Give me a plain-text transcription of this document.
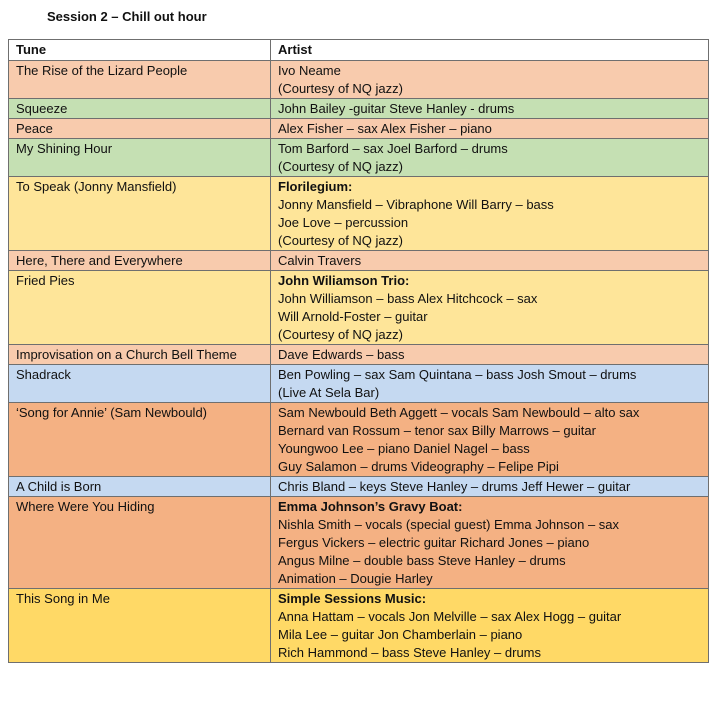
Session 2 – Chill out hour
Tune	Artist
The Rise of the Lizard People	Ivo Neame
(Courtesy of NQ jazz)

Squeeze	John Bailey -guitar Steve Hanley - drums

Peace	Alex Fisher – sax Alex Fisher – piano

My Shining Hour	Tom Barford – sax Joel Barford – drums
(Courtesy of NQ jazz)

To Speak (Jonny Mansfield)	Florilegium:
Jonny Mansfield – Vibraphone Will Barry – bass
Joe Love – percussion
(Courtesy of NQ jazz)

Here, There and Everywhere	Calvin Travers

Fried Pies	John Wiliamson Trio:
John Williamson – bass Alex Hitchcock – sax
Will Arnold-Foster – guitar
(Courtesy of NQ jazz)

Improvisation on a Church Bell Theme	Dave Edwards – bass

Shadrack	Ben Powling – sax Sam Quintana – bass Josh Smout – drums
(Live At Sela Bar)

‘Song for Annie’ (Sam Newbould)	Sam Newbould Beth Aggett – vocals Sam Newbould – alto sax
Bernard van Rossum – tenor sax Billy Marrows – guitar
Youngwoo Lee – piano Daniel Nagel – bass
Guy Salamon – drums Videography – Felipe Pipi

A Child is Born	Chris Bland – keys Steve Hanley – drums Jeff Hewer – guitar

Where Were You Hiding	Emma Johnson’s Gravy Boat:
Nishla Smith – vocals (special guest) Emma Johnson – sax
Fergus Vickers – electric guitar Richard Jones – piano
Angus Milne – double bass Steve Hanley – drums
Animation – Dougie Harley

This Song in Me	Simple Sessions Music:
Anna Hattam – vocals Jon Melville – sax Alex Hogg – guitar
Mila Lee – guitar Jon Chamberlain – piano
Rich Hammond – bass Steve Hanley – drums
